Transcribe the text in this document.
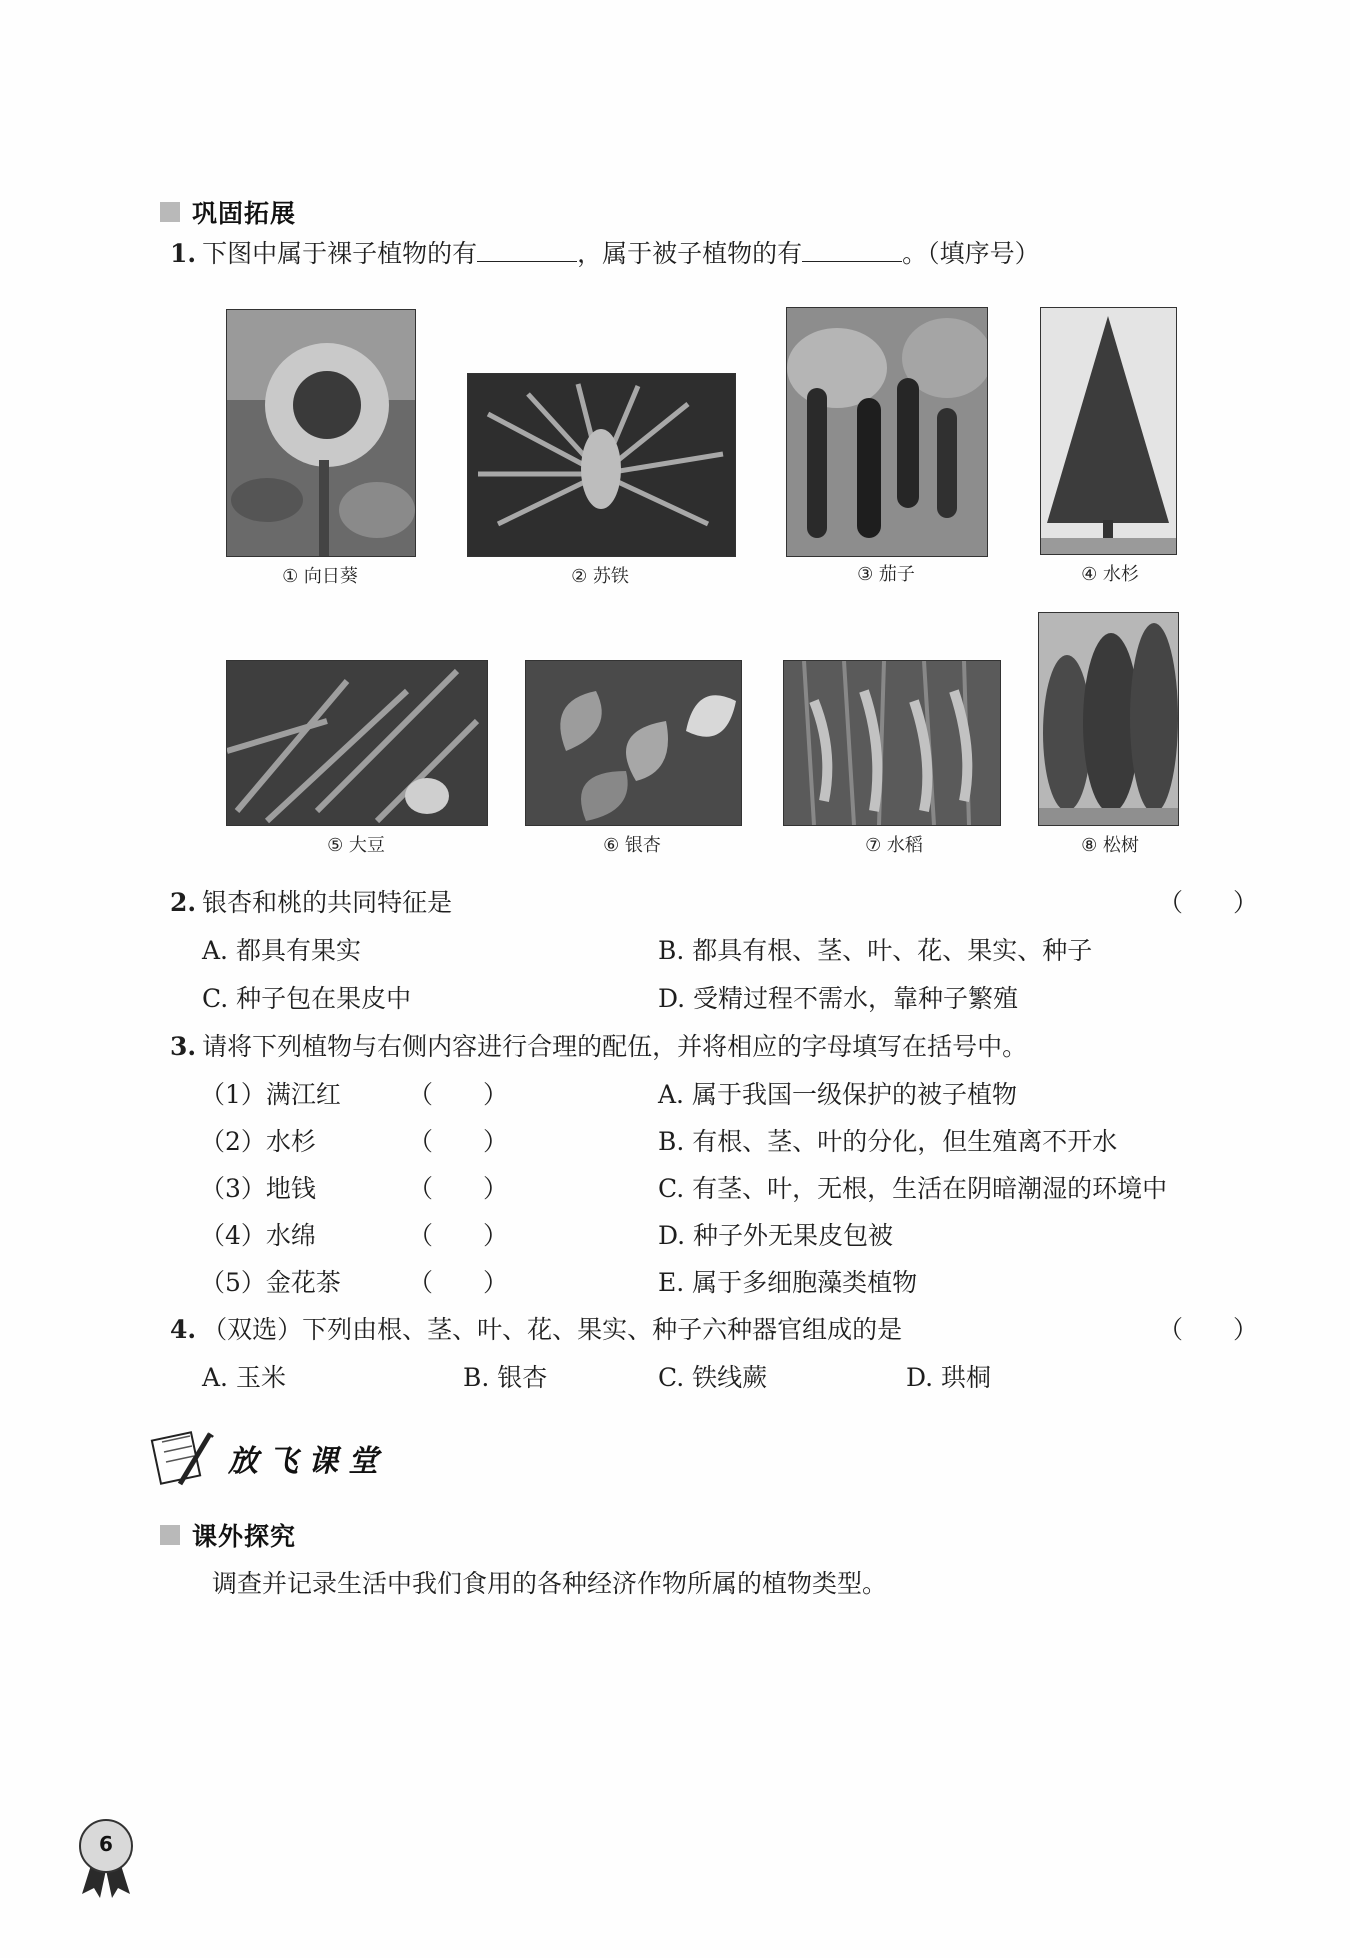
巩固拓展
1. 下图中属于裸子植物的有	，属于被子植物的有	。（填序号）
① 向日葵	② 苏铁	③ 茄子	④ 水杉
⑤ 大豆	⑥ 银杏	⑦ 水稻	⑧ 松树
2. 银杏和桃的共同特征是	（　　）
A. 都具有果实	B. 都具有根、茎、叶、花、果实、种子
C. 种子包在果皮中	D. 受精过程不需水，靠种子繁殖
3. 请将下列植物与右侧内容进行合理的配伍，并将相应的字母填写在括号中。
（1）满江红	（　　）	A. 属于我国一级保护的被子植物
（2）水杉	（　　）	B. 有根、茎、叶的分化，但生殖离不开水
（3）地钱	（　　）	C. 有茎、叶，无根，生活在阴暗潮湿的环境中
（4）水绵	（　　）	D. 种子外无果皮包被
（5）金花茶	（　　）	E. 属于多细胞藻类植物
4. （双选）下列由根、茎、叶、花、果实、种子六种器官组成的是	（　　）
A. 玉米	B. 银杏	C. 铁线蕨	D. 珙桐
放飞课堂
课外探究
调查并记录生活中我们食用的各种经济作物所属的植物类型。
6
